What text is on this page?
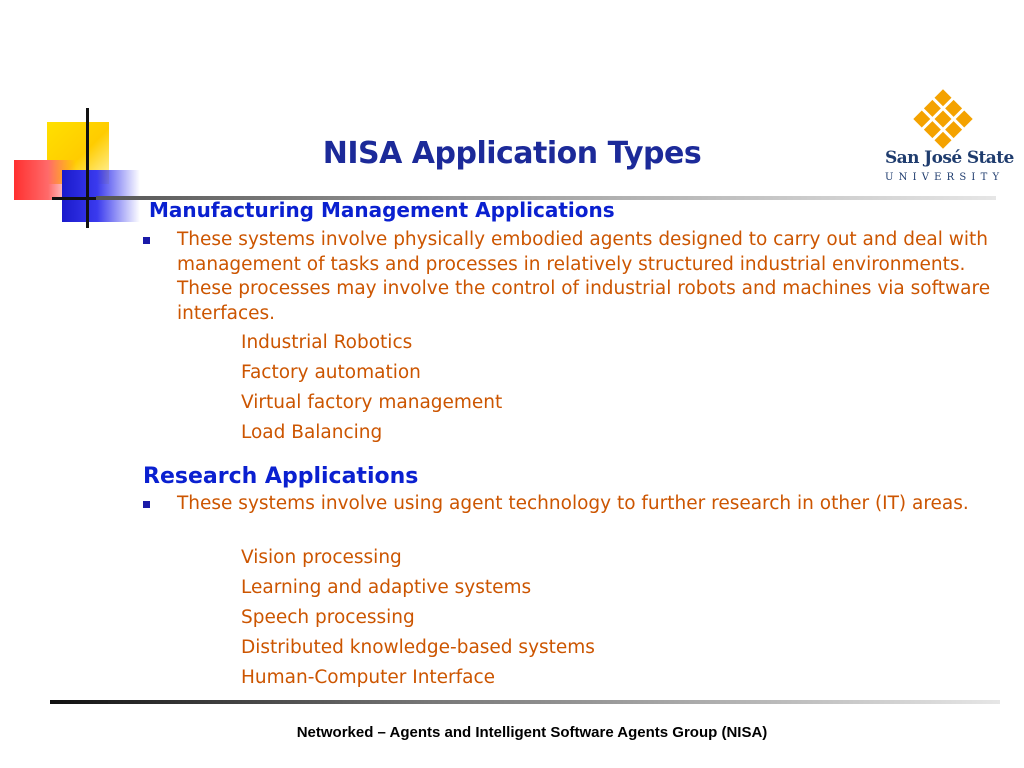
NISA Application Types	San José State
UNIVERSITY
Manufacturing Management Applications
These systems involve physically embodied agents designed to carry out and deal with management of tasks and processes in relatively structured industrial environments. These processes may involve the control of industrial robots and machines via software interfaces.
Industrial Robotics
Factory automation
Virtual factory management
Load Balancing
Research Applications
These systems involve using agent technology to further research in other (IT) areas.
Vision processing
Learning and adaptive systems
Speech processing
Distributed knowledge-based systems
Human-Computer Interface
Networked – Agents and Intelligent Software Agents Group (NISA)
